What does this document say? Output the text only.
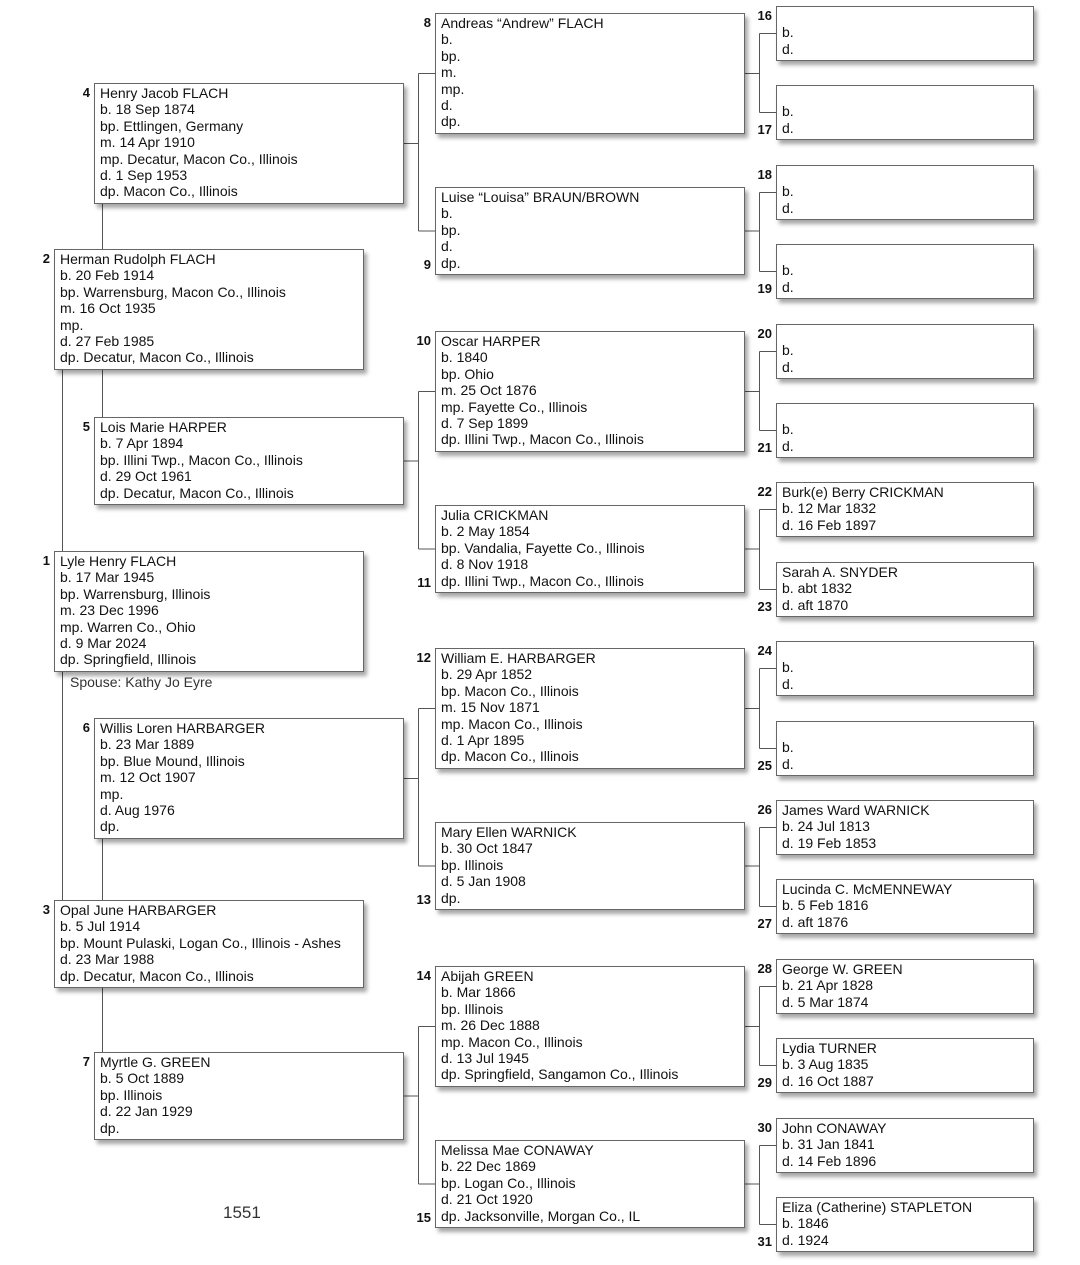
Lyle Henry FLACH
b. 17 Mar 1945
bp. Warrensburg, Illinois
m. 23 Dec 1996
mp. Warren Co., Ohio
d. 9 Mar 2024
dp. Springfield, Illinois
1
Herman Rudolph FLACH
b. 20 Feb 1914
bp. Warrensburg, Macon Co., Illinois
m. 16 Oct 1935
mp.
d. 27 Feb 1985
dp. Decatur, Macon Co., Illinois
2
Opal June HARBARGER
b. 5 Jul 1914
bp. Mount Pulaski, Logan Co., Illinois - Ashes
d. 23 Mar 1988
dp. Decatur, Macon Co., Illinois
3
Henry Jacob FLACH
b. 18 Sep 1874
bp. Ettlingen, Germany
m. 14 Apr 1910
mp. Decatur, Macon Co., Illinois
d. 1 Sep 1953
dp. Macon Co., Illinois
4
Lois Marie HARPER
b. 7 Apr 1894
bp. Illini Twp., Macon Co., Illinois
d. 29 Oct 1961
dp. Decatur, Macon Co., Illinois
5
Willis Loren HARBARGER
b. 23 Mar 1889
bp. Blue Mound, Illinois
m. 12 Oct 1907
mp.
d. Aug 1976
dp.
6
Myrtle G. GREEN
b. 5 Oct 1889
bp. Illinois
d. 22 Jan 1929
dp.
7
Andreas “Andrew” FLACH
b.
bp.
m.
mp.
d.
dp.
8
Luise “Louisa” BRAUN/BROWN
b.
bp.
d.
dp.
9
Oscar HARPER
b. 1840
bp. Ohio
m. 25 Oct 1876
mp. Fayette Co., Illinois
d. 7 Sep 1899
dp. Illini Twp., Macon Co., Illinois
10
Julia CRICKMAN
b. 2 May 1854
bp. Vandalia, Fayette Co., Illinois
d. 8 Nov 1918
dp. Illini Twp., Macon Co., Illinois
11
William E. HARBARGER
b. 29 Apr 1852
bp. Macon Co., Illinois
m. 15 Nov 1871
mp. Macon Co., Illinois
d. 1 Apr 1895
dp. Macon Co., Illinois
12
Mary Ellen WARNICK
b. 30 Oct 1847
bp. Illinois
d. 5 Jan 1908
dp.
13
Abijah GREEN
b. Mar 1866
bp. Illinois
m. 26 Dec 1888
mp. Macon Co., Illinois
d. 13 Jul 1945
dp. Springfield, Sangamon Co., Illinois
14
Melissa Mae CONAWAY
b. 22 Dec 1869
bp. Logan Co., Illinois
d. 21 Oct 1920
dp. Jacksonville, Morgan Co., IL
15
b.
d.
16
b.
d.
17
b.
d.
18
b.
d.
19
b.
d.
20
b.
d.
21
Burk(e) Berry CRICKMAN
b. 12 Mar 1832
d. 16 Feb 1897
22
Sarah A. SNYDER
b. abt 1832
d. aft 1870
23
b.
d.
24
b.
d.
25
James Ward WARNICK
b. 24 Jul 1813
d. 19 Feb 1853
26
Lucinda C. McMENNEWAY
b. 5 Feb 1816
d. aft 1876
27
George W. GREEN
b. 21 Apr 1828
d. 5 Mar 1874
28
Lydia TURNER
b. 3 Aug 1835
d. 16 Oct 1887
29
John CONAWAY
b. 31 Jan 1841
d. 14 Feb 1896
30
Eliza (Catherine) STAPLETON
b. 1846
d. 1924
31
Spouse: Kathy Jo Eyre
1551
